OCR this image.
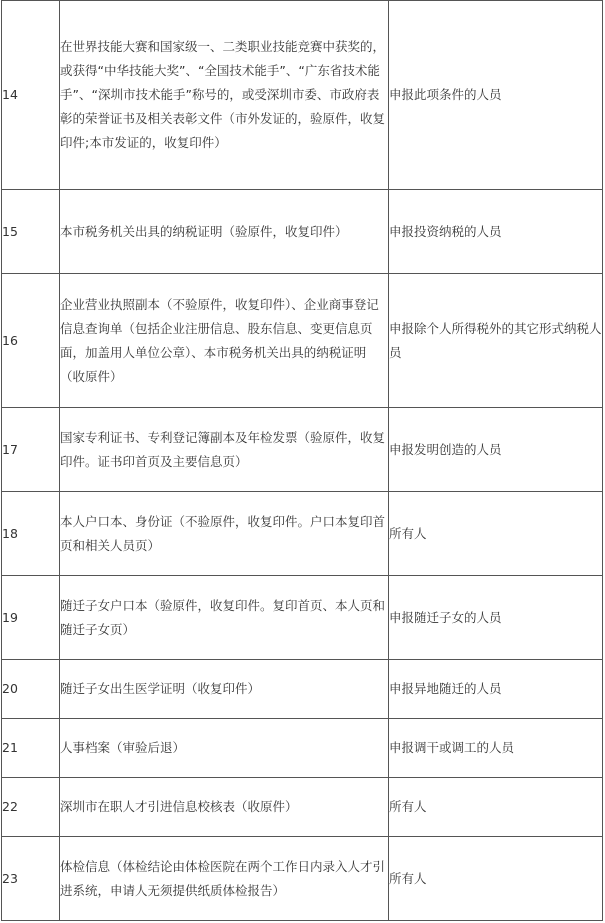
14	在世界技能大赛和国家级一、二类职业技能竞赛中获奖的，或获得“中华技能大奖”、“全国技术能手”、“广东省技术能手”、“深圳市技术能手”称号的，或受深圳市委、市政府表彰的荣誉证书及相关表彰文件（市外发证的，验原件，收复印件;本市发证的，收复印件）	申报此项条件的人员
15	本市税务机关出具的纳税证明（验原件，收复印件）	申报投资纳税的人员
16	企业营业执照副本（不验原件，收复印件）、企业商事登记信息查询单（包括企业注册信息、股东信息、变更信息页面，加盖用人单位公章）、本市税务机关出具的纳税证明（收原件）	申报除个人所得税外的其它形式纳税人员
17	国家专利证书、专利登记簿副本及年检发票（验原件，收复印件。证书印首页及主要信息页）	申报发明创造的人员
18	本人户口本、身份证（不验原件，收复印件。户口本复印首页和相关人员页）	所有人
19	随迁子女户口本（验原件，收复印件。复印首页、本人页和随迁子女页）	申报随迁子女的人员
20	随迁子女出生医学证明（收复印件）	申报异地随迁的人员
21	人事档案（审验后退）	申报调干或调工的人员
22	深圳市在职人才引进信息校核表（收原件）	所有人
23	体检信息（体检结论由体检医院在两个工作日内录入人才引进系统，申请人无须提供纸质体检报告）	所有人
